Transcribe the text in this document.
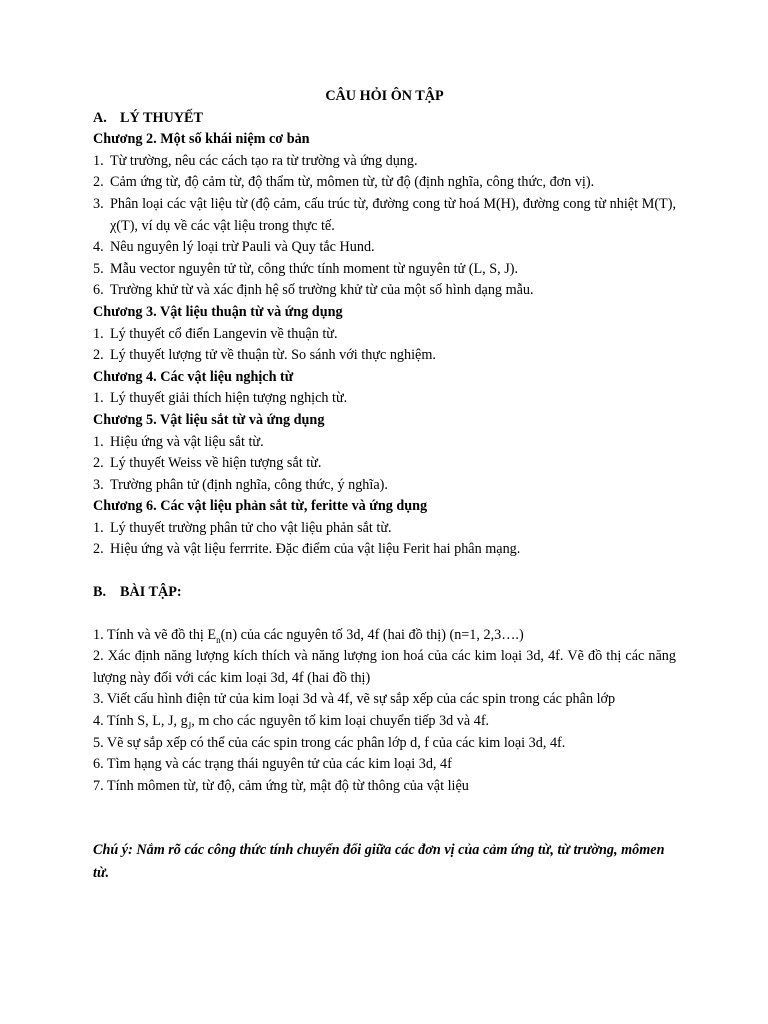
CÂU HỎI ÔN TẬP
A. LÝ THUYẾT
Chương 2. Một số khái niệm cơ bản
1. Từ trường, nêu các cách tạo ra từ trường và ứng dụng.
2. Cảm ứng từ, độ cảm từ, độ thẩm từ, mômen từ, từ độ (định nghĩa, công thức, đơn vị).
3. Phân loại các vật liệu từ (độ cảm, cấu trúc từ, đường cong từ hoá M(H), đường cong từ nhiệt M(T), χ(T), ví dụ về các vật liệu trong thực tế.
4. Nêu nguyên lý loại trừ Pauli và Quy tắc Hund.
5. Mẫu vector nguyên tử từ, công thức tính moment từ nguyên tử (L, S, J).
6. Trường khử từ và xác định hệ số trường khử từ của một số hình dạng mẫu.
Chương 3. Vật liệu thuận từ và ứng dụng
1. Lý thuyết cổ điển Langevin về thuận từ.
2. Lý thuyết lượng tử về thuận từ. So sánh với thực nghiệm.
Chương 4. Các vật liệu nghịch từ
1. Lý thuyết giải thích hiện tượng nghịch từ.
Chương 5. Vật liệu sắt từ và ứng dụng
1. Hiệu ứng và vật liệu sắt từ.
2. Lý thuyết Weiss về hiện tượng sắt từ.
3. Trường phân tử (định nghĩa, công thức, ý nghĩa).
Chương 6. Các vật liệu phản sắt từ, feritte và ứng dụng
1. Lý thuyết trường phân tử cho vật liệu phản sắt từ.
2. Hiệu ứng và vật liệu ferrrite. Đặc điểm của vật liệu Ferit hai phân mạng.
B. BÀI TẬP:
1. Tính và vẽ đồ thị $E_n(n)$ của các nguyên tố 3d, 4f (hai đồ thị) (n=1, 2,3….)
2. Xác định năng lượng kích thích và năng lượng ion hoá của các kim loại 3d, 4f. Vẽ đồ thị các năng lượng này đối với các kim loại 3d, 4f (hai đồ thị)
3. Viết cấu hình điện tử của kim loại 3d và 4f, vẽ sự sắp xếp của các spin trong các phân lớp
4. Tính S, L, J, $g_J$, m cho các nguyên tố kim loại chuyển tiếp 3d và 4f.
5. Vẽ sự sắp xếp có thể của các spin trong các phân lớp d, f của các kim loại 3d, 4f.
6. Tìm hạng và các trạng thái nguyên tử của các kim loại 3d, 4f
7. Tính mômen từ, từ độ, cảm ứng từ, mật độ từ thông của vật liệu
Chú ý: Nắm rõ các công thức tính chuyển đổi giữa các đơn vị của cảm ứng từ, từ trường, mômen từ.
